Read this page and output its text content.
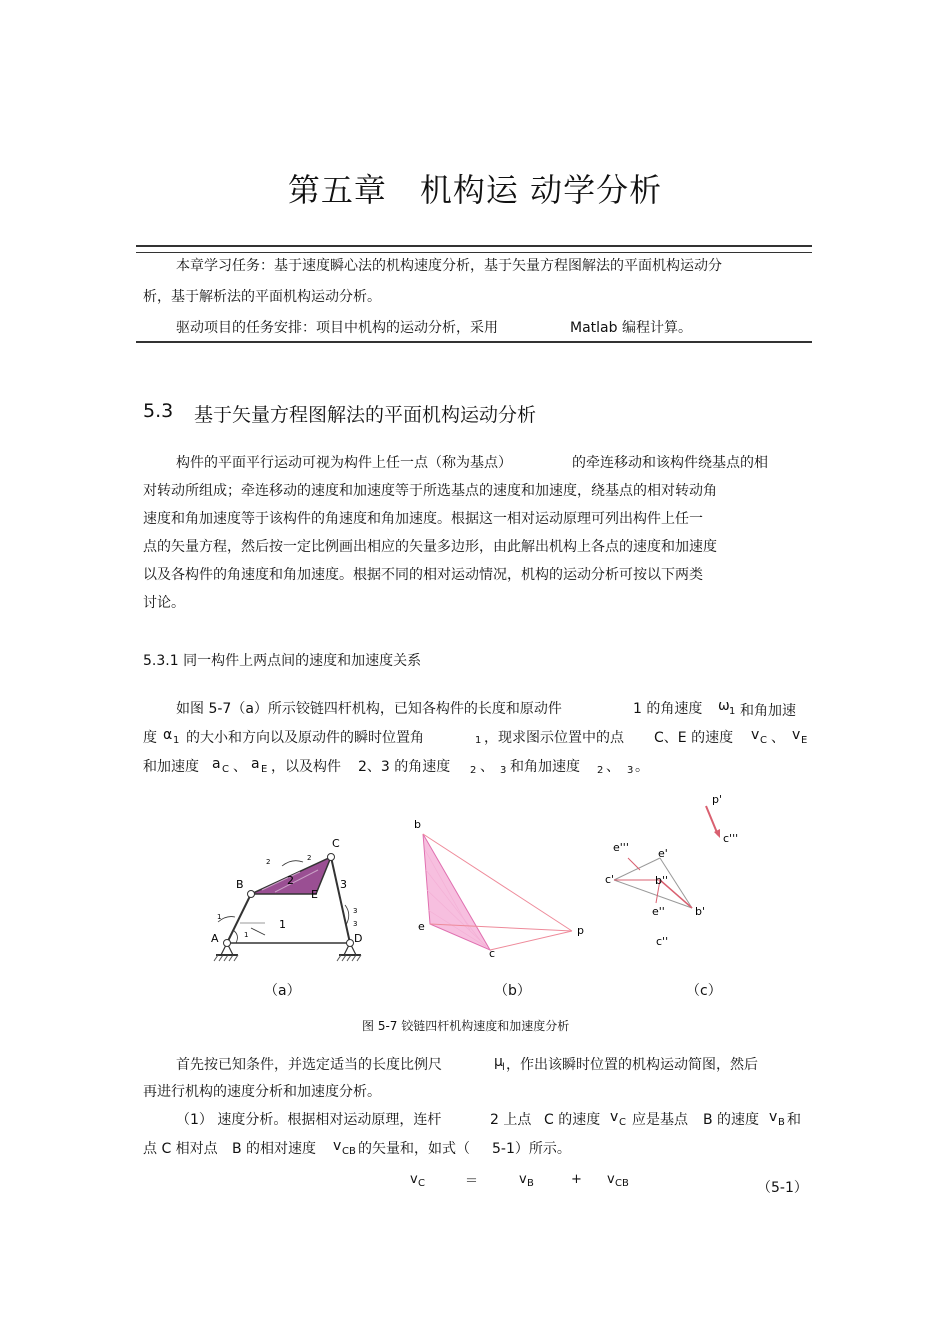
第五章　机构运 动学分析
本章学习任务：基于速度瞬心法的机构速度分析，基于矢量方程图解法的平面机构运动分
析，基于解析法的平面机构运动分析。
驱动项目的任务安排：项目中机构的运动分析，采用	Matlab 编程计算。
5.3 基于矢量方程图解法的平面机构运动分析
构件的平面平行运动可视为构件上任一点（称为基点）	的牵连移动和该构件绕基点的相
对转动所组成；牵连移动的速度和加速度等于所选基点的速度和加速度，绕基点的相对转动角
速度和角加速度等于该构件的角速度和角加速度。根据这一相对运动原理可列出构件上任一
点的矢量方程，然后按一定比例画出相应的矢量多边形，由此解出机构上各点的速度和加速度
以及各构件的角速度和角加速度。根据不同的相对运动情况，机构的运动分析可按以下两类
讨论。
5.3.1 同一构件上两点间的速度和加速度关系
如图 5-7（a）所示铰链四杆机构，已知各构件的长度和原动件	1 的角速度 ω 1 和角加速
度 α 1 的大小和方向以及原动件的瞬时位置角	1 ，现求图示位置中的点 C、E 的速度 v C 、 v E
和加速度 a C 、 a E ，以及构件 2、3 的角速度 2 、 3 和角加速度 2 、 3 。
C
B
E
A	D
2	3
1
2	2
1
1
3
3
b
e
c
p
p'
c'''
e'''	e'
c'	b''
e''	b'
c''
（a）	（b）	（c）
图 5-7 铰链四杆机构速度和加速度分析
首先按已知条件，并选定适当的长度比例尺	μ l ，作出该瞬时位置的机构运动简图，然后
再进行机构的速度分析和加速度分析。
（1） 速度分析。根据相对运动原理，连杆	2 上点 C 的速度 v C 应是基点 B 的速度 v B 和
点 C 相对点 B 的相对速度 v CB 的矢量和，如式（ 5-1）所示。
v C	＝	v B	+ v CB	（5-1）
